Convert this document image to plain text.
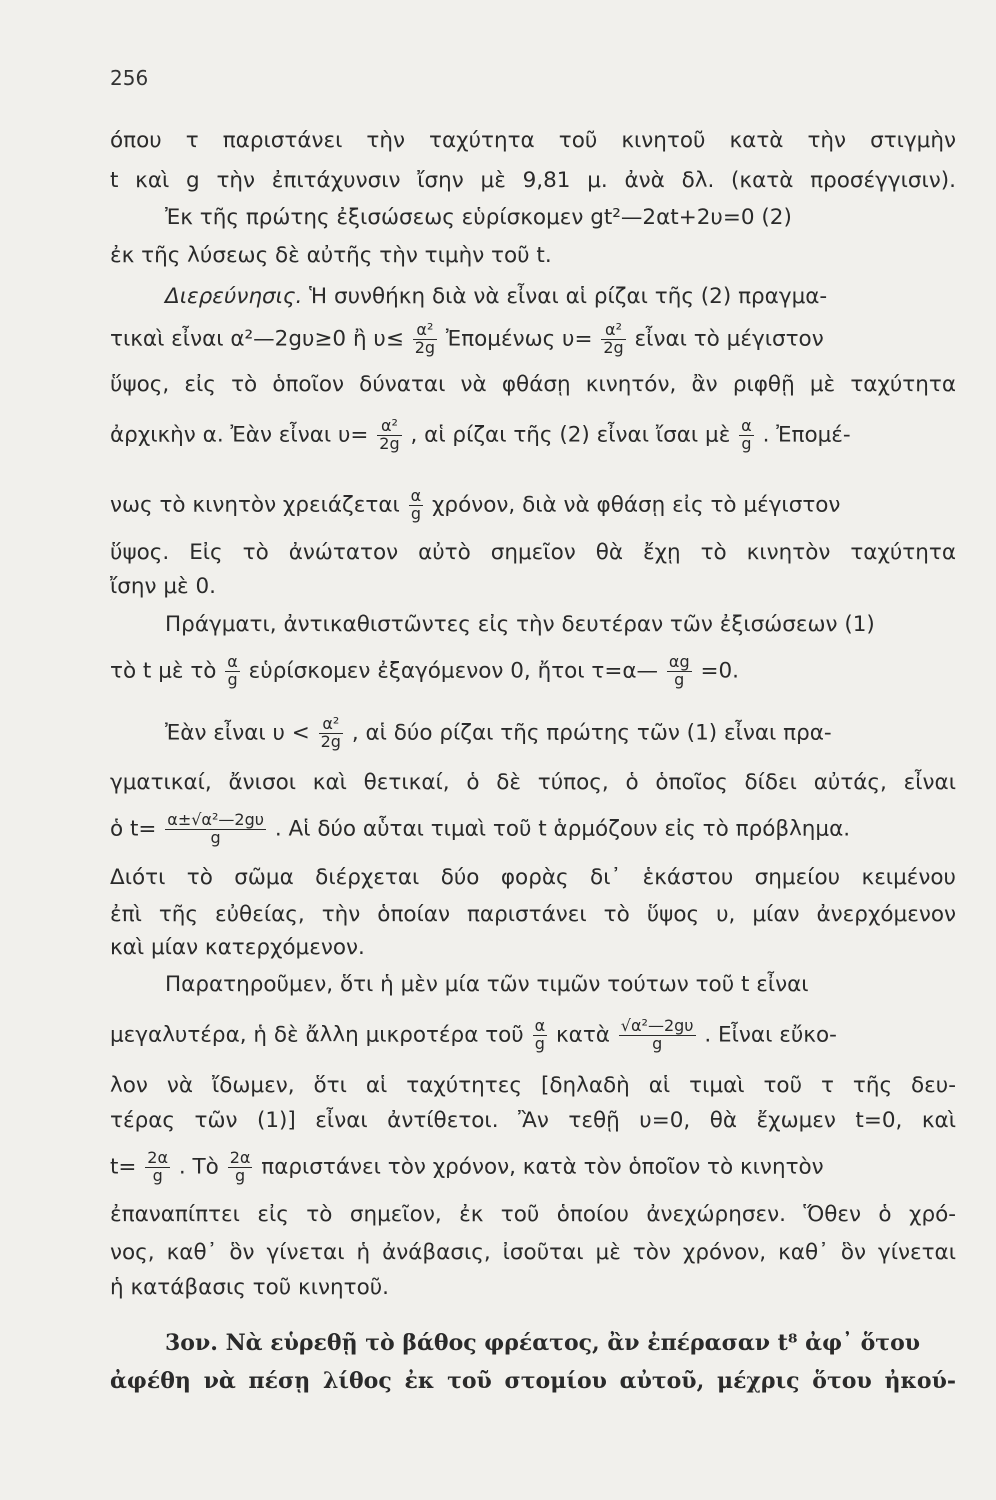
256
όπου τ παριστάνει τὴν ταχύτητα τοῦ κινητοῦ κατὰ τὴν στιγμὴν
t καὶ g τὴν ἐπιτάχυνσιν ἴσην μὲ 9,81 μ. ἀνὰ δλ. (κατὰ προσέγγισιν).
Ἐκ τῆς πρώτης ἐξισώσεως εὑρίσκομεν gt²—2αt+2υ=0 (2)
ἐκ τῆς λύσεως δὲ αὐτῆς τὴν τιμὴν τοῦ t.
Διερεύνησις. Ἡ συνθήκη διὰ νὰ εἶναι αἱ ρίζαι τῆς (2) πραγμα-
τικαὶ εἶναι α²—2gυ≥0 ἢ $\upsilon\le \frac{\text{α²}}{2g}$ Ἐπομένως $\upsilon= \frac{\text{α²}}{2g}$ εἶναι τὸ μέγιστον
ὕψος, εἰς τὸ ὁποῖον δύναται νὰ φθάσῃ κινητόν, ἂν ριφθῇ μὲ ταχύτητα
ἀρχικὴν α. Ἐὰν εἶναι $\upsilon= \frac{\text{α²}}{2g}$ , αἱ ρίζαι τῆς (2) εἶναι ἴσαι μὲ $\frac{\alpha}{g}$ . Ἐπομέ-
νως τὸ κινητὸν χρειάζεται $\frac{\alpha}{g} \chi\rho ό\nu o\nu$, διὰ νὰ φθάσῃ εἰς τὸ μέγιστον
ὕψος. Εἰς τὸ ἀνώτατον αὐτὸ σημεῖον θὰ ἔχῃ τὸ κινητὸν ταχύτητα
ἴσην μὲ 0.
Πράγματι, ἀντικαθιστῶντες εἰς τὴν δευτέραν τῶν ἐξισώσεων (1)
τὸ t μὲ τὸ $\frac{\alpha}{g}$ εὑρίσκομεν ἐξαγόμενον 0, ἤτοι τ=α— $\frac{\alpha g}{g} =0$.
Ἐὰν εἶναι $\upsilon < \frac{\text{α²}}{2g}$ , αἱ δύο ρίζαι τῆς πρώτης τῶν (1) εἶναι πρα-
γματικαί, ἄνισοι καὶ θετικαί, ὁ δὲ τύπος, ὁ ὁποῖος δίδει αὐτάς, εἶναι
ὁ $t= \frac{\text{α±√α²—2gυ}}{g}$ . Αἱ δύο αὗται τιμαὶ τοῦ t ἁρμόζουν εἰς τὸ πρόβλημα.
Διότι τὸ σῶμα διέρχεται δύο φορὰς δι᾽ ἑκάστου σημείου κειμένου
ἐπὶ τῆς εὐθείας, τὴν ὁποίαν παριστάνει τὸ ὕψος υ, μίαν ἀνερχόμενον
καὶ μίαν κατερχόμενον.
Παρατηροῦμεν, ὅτι ἡ μὲν μία τῶν τιμῶν τούτων τοῦ t εἶναι
μεγαλυτέρα, ἡ δὲ ἄλλη μικροτέρα τοῦ $\frac{\alpha}{g}$ κατὰ $\frac{\text{√α²—2gυ}}{g}$ . Εἶναι εὔκο-
λον νὰ ἴδωμεν, ὅτι αἱ ταχύτητες [δηλαδὴ αἱ τιμαὶ τοῦ τ τῆς δευ-
τέρας τῶν (1)] εἶναι ἀντίθετοι. Ἂν τεθῇ υ=0, θὰ ἔχωμεν t=0, καὶ
$t= \frac{2\alpha}{g}$ . Τὸ $\frac{2\alpha}{g}$ παριστάνει τὸν χρόνον, κατὰ τὸν ὁποῖον τὸ κινητὸν
ἐπαναπίπτει εἰς τὸ σημεῖον, ἐκ τοῦ ὁποίου ἀνεχώρησεν. Ὅθεν ὁ χρό-
νος, καθ᾽ ὃν γίνεται ἡ ἀνάβασις, ἰσοῦται μὲ τὸν χρόνον, καθ᾽ ὃν γίνεται
ἡ κατάβασις τοῦ κινητοῦ.
3ον. Νὰ εὑρεθῇ τὸ βάθος φρέατος, ἂν ἐπέρασαν t⁸ ἀφ᾽ ὅτου
ἀφέθη νὰ πέσῃ λίθος ἐκ τοῦ στομίου αὐτοῦ, μέχρις ὅτου ἠκού-
